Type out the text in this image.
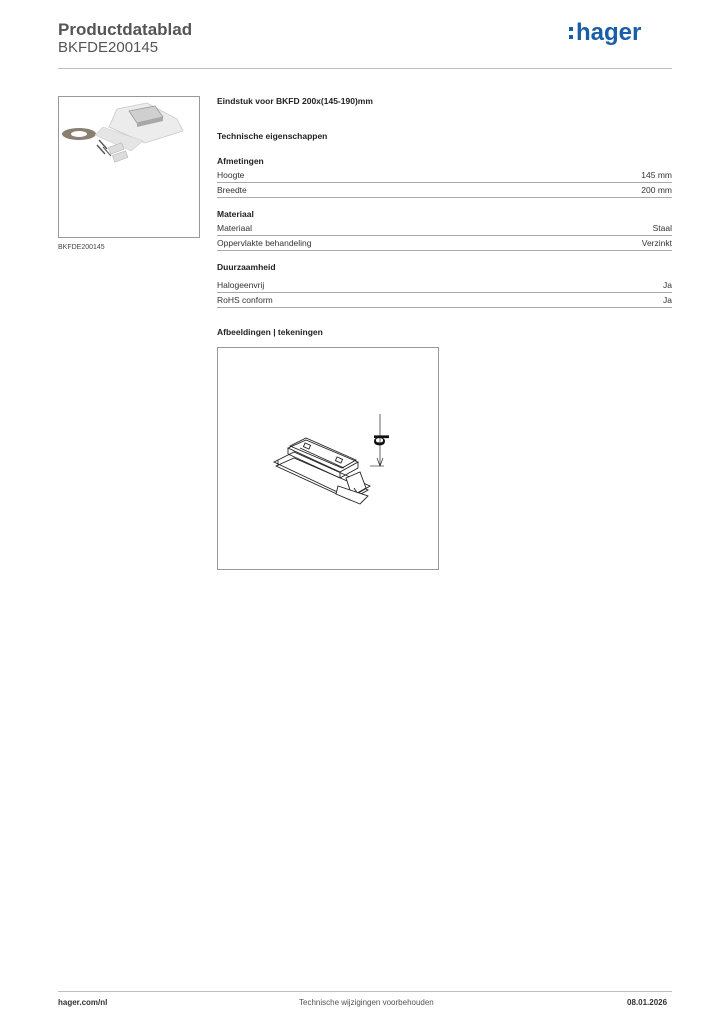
Productdatablad
BKFDE200145
hager
BKFDE200145
Eindstuk voor BKFD 200x(145-190)mm
Technische eigenschappen
Afmetingen
Hoogte	145 mm
Breedte	200 mm
Materiaal
Materiaal	Staal
Oppervlakte behandeling	Verzinkt
Duurzaamheid
Halogeenvrij	Ja
RoHS conform	Ja
Afbeeldingen | tekeningen
b
hager.com/nl	Technische wijzigingen voorbehouden	08.01.2026
